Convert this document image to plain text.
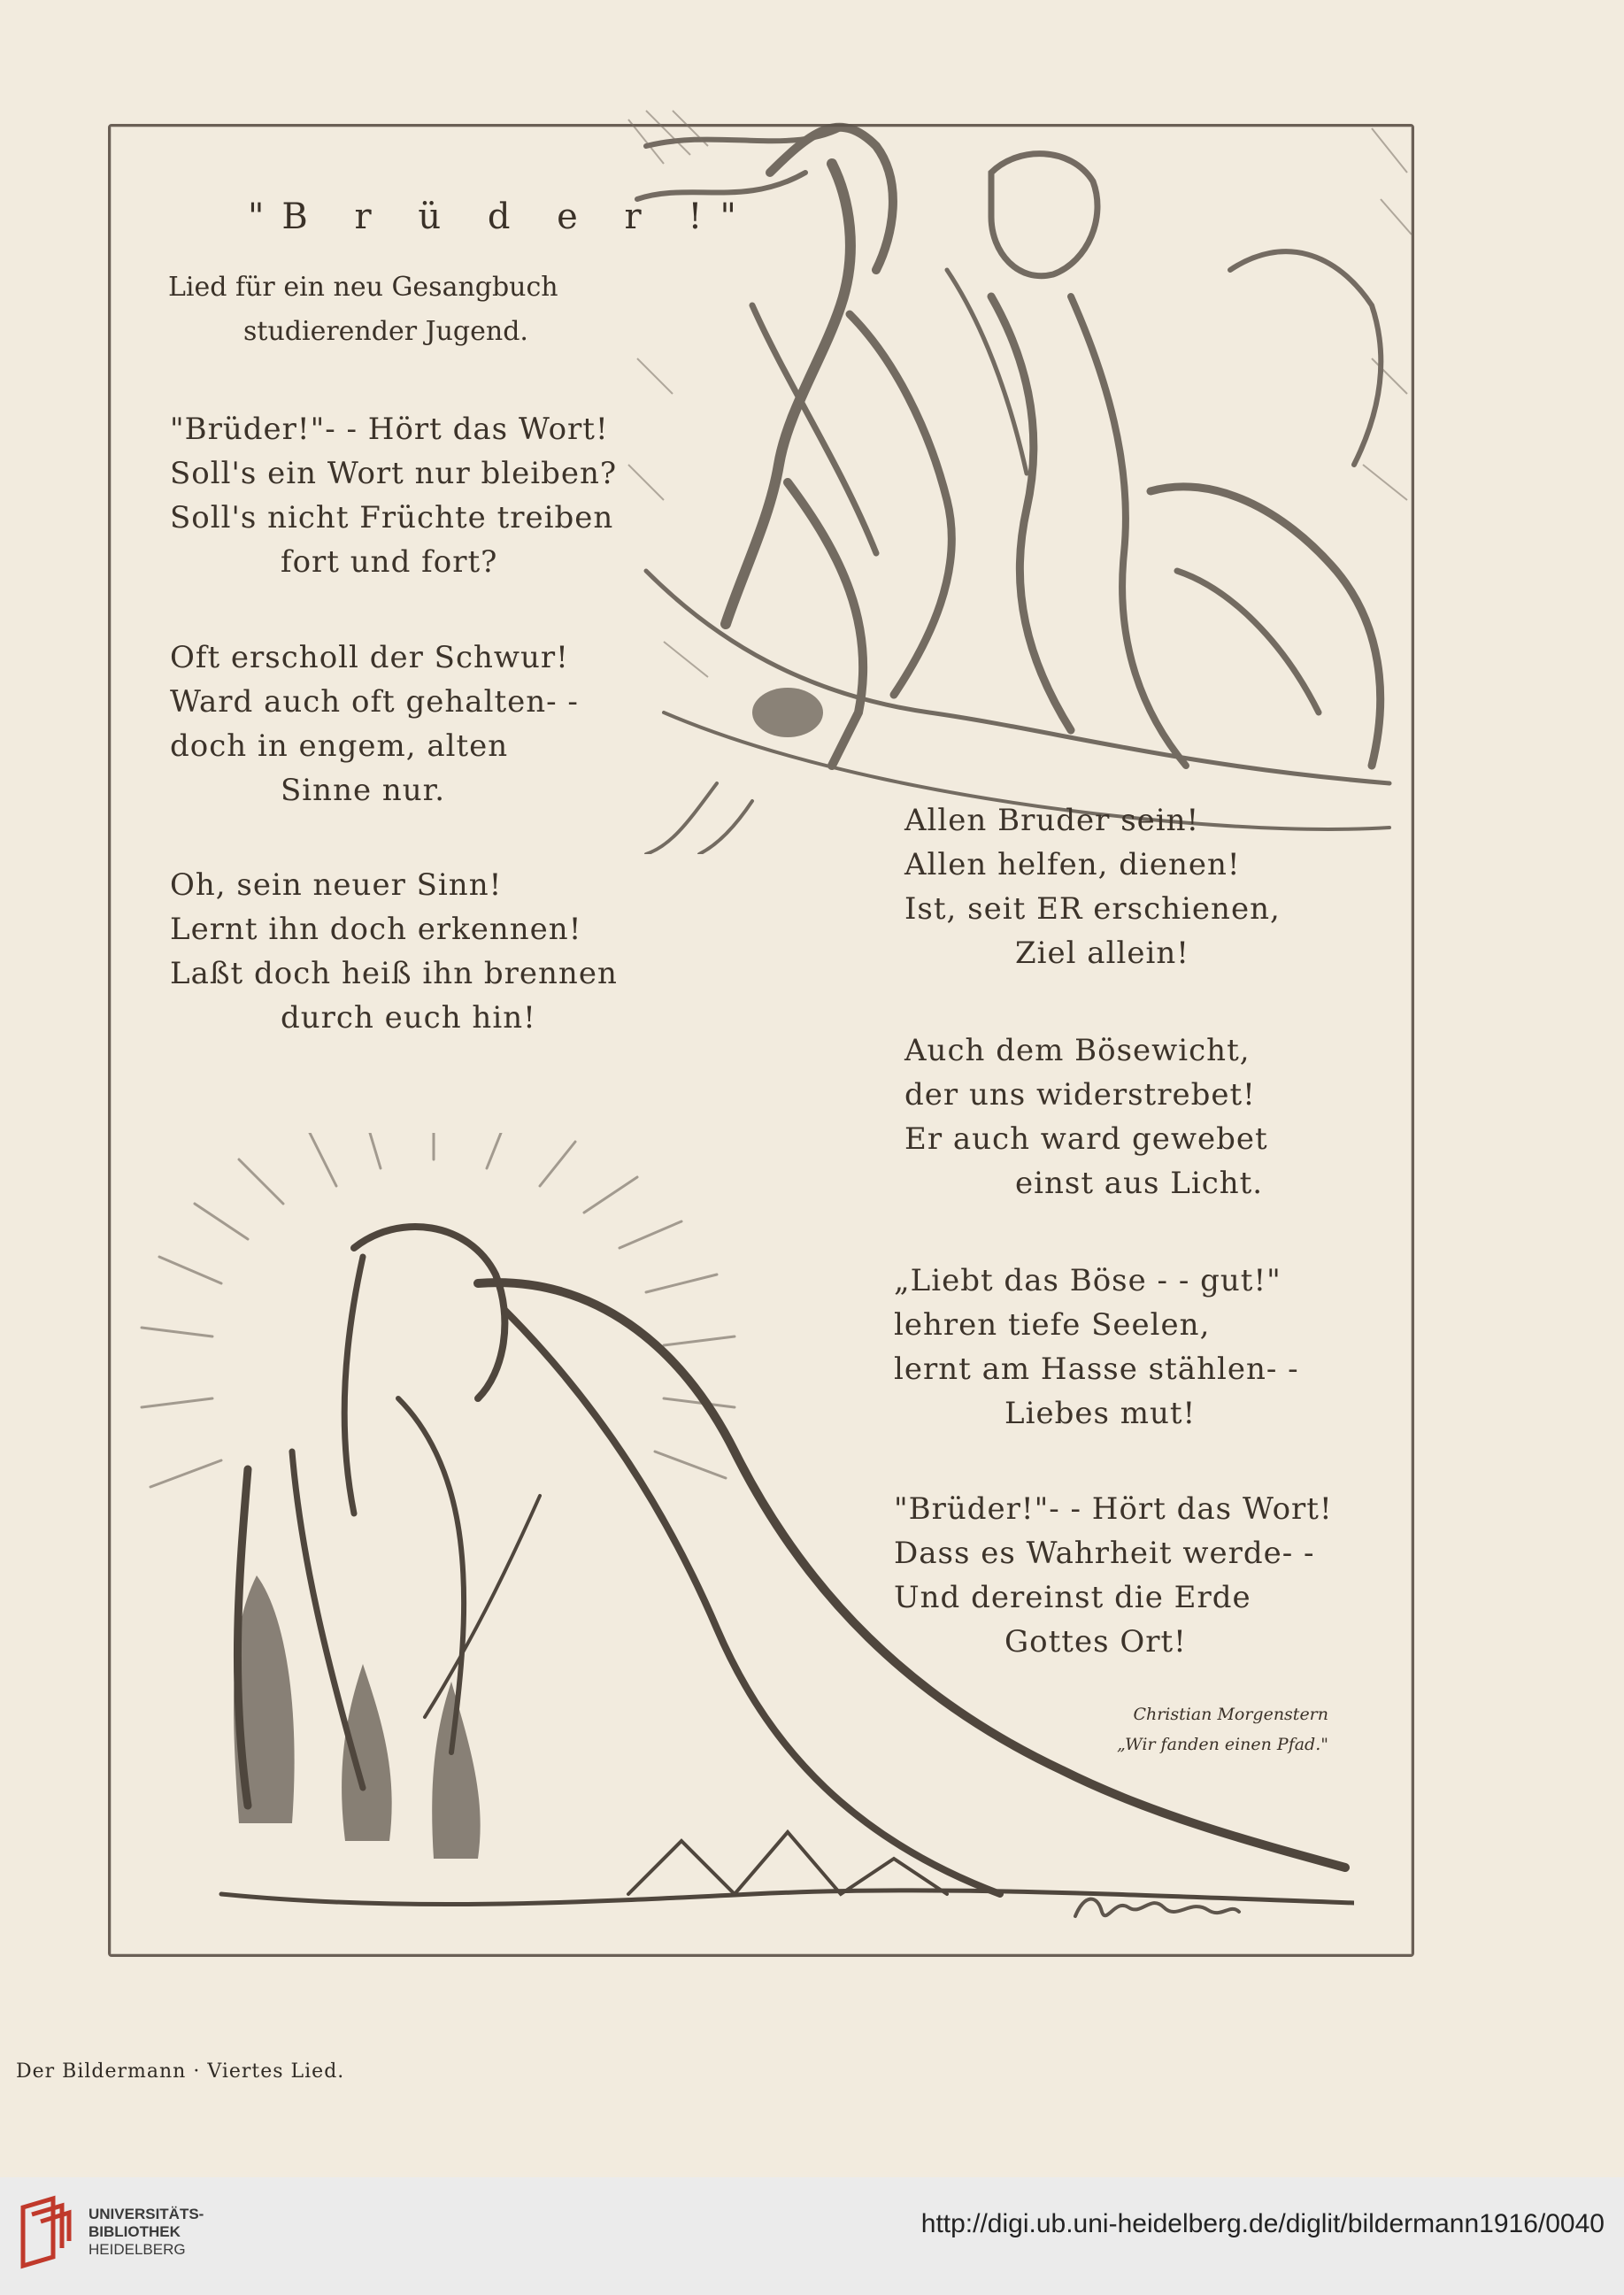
"B r ü d e r !"
Lied für ein neu Gesangbuch
studierender Jugend.
"Brüder!"- - Hört das Wort!
Soll's ein Wort nur bleiben?
Soll's nicht Früchte treiben
fort und fort?
Oft erscholl der Schwur!
Ward auch oft gehalten- -
doch in engem, alten
Sinne nur.
Oh, sein neuer Sinn!
Lernt ihn doch erkennen!
Laßt doch heiß ihn brennen
durch euch hin!
Allen Bruder sein!
Allen helfen, dienen!
Ist, seit ER erschienen,
Ziel allein!
Auch dem Bösewicht,
der uns widerstrebet!
Er auch ward gewebet
einst aus Licht.
„Liebt das Böse - - gut!"
lehren tiefe Seelen,
lernt am Hasse stählen- -
Liebes mut!
"Brüder!"- - Hört das Wort!
Dass es Wahrheit werde- -
Und dereinst die Erde
Gottes Ort!
Christian Morgenstern
„Wir fanden einen Pfad."
Der Bildermann · Viertes Lied.
UNIVERSITÄTS-
BIBLIOTHEK
HEIDELBERG
http://digi.ub.uni-heidelberg.de/diglit/bildermann1916/0040
